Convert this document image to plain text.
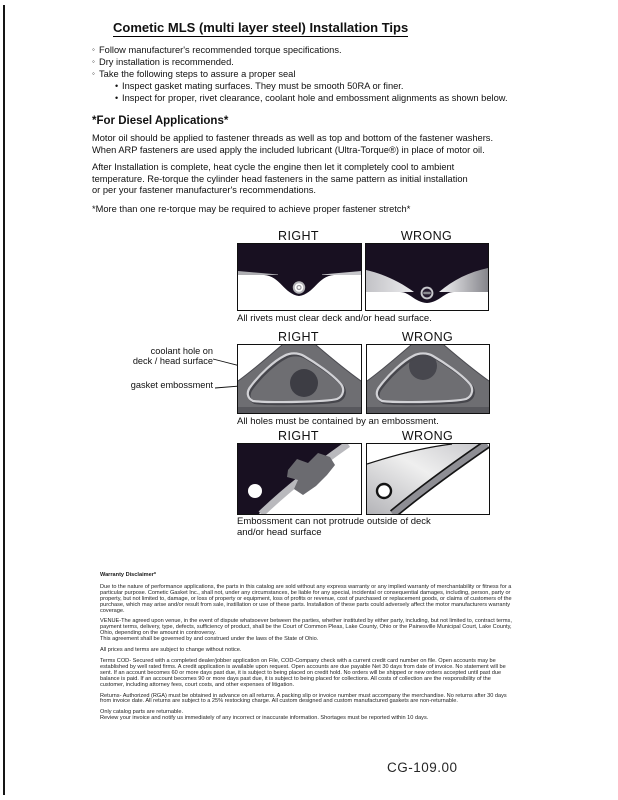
Cometic MLS (multi layer steel) Installation Tips
◦ Follow manufacturer's recommended torque specifications.
◦ Dry installation is recommended.
◦ Take the following steps to assure a proper seal
• Inspect gasket mating surfaces. They must be smooth 50RA or finer.
• Inspect for proper, rivet clearance, coolant hole and embossment alignments as shown below.
*For Diesel Applications*
Motor oil should be applied to fastener threads as well as top and bottom of the fastener washers.
When ARP fasteners are used apply the included lubricant (Ultra-Torque®) in place of motor oil.
After Installation is complete, heat cycle the engine then let it completely cool to ambient
temperature. Re-torque the cylinder head fasteners in the same pattern as initial installation
or per your fastener manufacturer's recommendations.
*More than one re-torque may be required to achieve proper fastener stretch*
RIGHT	WRONG
All rivets must clear deck and/or head surface.
RIGHT	WRONG
coolant hole on
deck / head surface
gasket embossment
All holes must be contained by an embossment.
RIGHT	WRONG
Embossment can not protrude outside of deck
and/or head surface
Warranty Disclaimer*
Due to the nature of performance applications, the parts in this catalog are sold without any express warranty or any implied warranty of merchantability or fitness for a particular purpose. Cometic Gasket Inc., shall not, under any circumstances, be liable for any special, incidental or consequential damages, including, person, party or property, but not limited to, damage, or loss of property or equipment, loss of profits or revenue, cost of purchased or replacement goods, or claims of customers of the purchase, which may arise and/or result from sale, instillation or use of these parts. Installation of these parts could adversely affect the motor manufacturers warranty coverage.
VENUE-The agreed upon venue, in the event of dispute whatsoever between the parties, whether instituted by either party, including, but not limited to, contract terms, payment terms, delivery, type, defects, sufficiency of product, shall be the Court of Common Pleas, Lake County, Ohio or the Painesville Municipal Court, Lake County, Ohio, depending on the amount in controversy.
This agreement shall be governed by and construed under the laws of the State of Ohio.
All prices and terms are subject to change without notice.
Terms COD- Secured with a completed dealer/jobber application on File, COD-Company check with a current credit card number on file. Open accounts may be established by well rated firms. A credit application is available upon request. Open accounts are due payable Net 30 days from date of invoice. No statement will be sent. If an account becomes 60 or more days past due, it is subject to being placed on credit hold. No orders will be shipped or new orders accepted until past due balance is paid. If an account becomes 90 or more days past due, it is subject to being placed for collections. All costs of collection are the responsibility of the customer, including attorney fees, court costs, and other expenses of litigation.
Returns- Authorized (RGA) must be obtained in advance on all returns. A packing slip or invoice number must accompany the merchandise. No returns after 30 days from invoice date. All returns are subject to a 25% restocking charge. All custom designed and custom manufactured gaskets are non-returnable.
Only catalog parts are returnable.
Review your invoice and notify us immediately of any incorrect or inaccurate information. Shortages must be reported within 10 days.
CG-109.00
